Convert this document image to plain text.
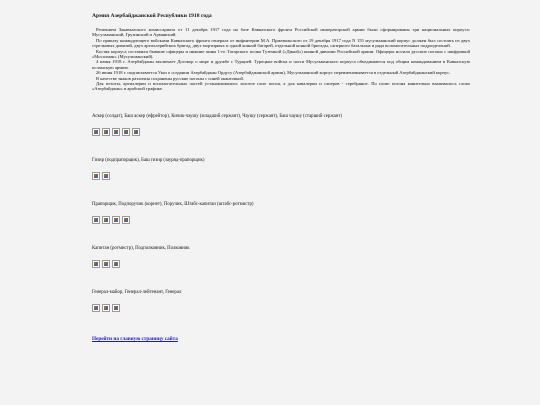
Армия Азербайджанской Республики 1918 года

Решением Закавказского комиссариата от 11 декабря 1917 года на базе Кавказского фронта Российской императорской армии были сформированы три национальных корпуса: Мусульманский, Грузинский и Армянский.

По приказу командующего войсками Кавказского фронта генерала от инфантерии М.А. Пржевальского от 19 декабря 1917 года N 155 мусульманский корпус должен был состоять из двух стрелковых дивизий, двух артиллерийских бригад, двух мортирных и одной конной батарей, отдельной конной бригады, саперного батальона и ряда вспомогательных подразделений.

Костяк корпуса составили бывшие офицеры и нижние чины 1-го Татарского полка Туземной («Дикой») конной дивизии Российской армии. Офицеры носили русские погоны с шифровкой «Мосалман» (Мусульманский).

4 июня 1918 г. Азербайджан заключает Договор о мире и дружбе с Турцией. Турецкие войска и части Мусульманского корпуса объединяются под общим командованием в Кавказскую исламскую армию.

26 июня 1918 г. подписывается Указ о создании Азербайджан Ордусу (Азербайджанской армии), Мусульманский корпус переименовывается в отдельный Азербайджанский корпус.

В качестве знаков различия сохранены русские погоны с синей окантовкой.

Для пехоты, артиллерии и вспомогательных частей устанавливались золотое поле погон, а для кавалерии и саперов - серебряное. По полю погона канительно вышивалось слово «Азербайджан» в арабской графике.

Аскер (солдат), Баш аскер (ефрейтор), Кичик-чаушу (младший сержант), Чаушу (сержант), Баш чаушу (старший сержант)
Гизир (подпрапорщик), Баш гизир (зауряд-прапорщик)
Прапорщик, Подпоручик (корнет), Поручик, Штабс-капитан (штабс-ротмистр)
Капитан (ротмистр), Подполковник, Полковник
Генерал-майор, Генерал-лейтенант, Генерал
Перейти на главную страницу сайта
